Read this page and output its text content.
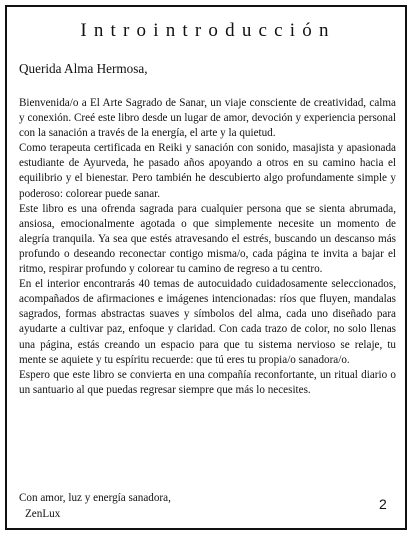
Introintroducción
Querida Alma Hermosa,

Bienvenida/o a El Arte Sagrado de Sanar, un viaje consciente de creatividad, calma y conexión. Creé este libro desde un lugar de amor, devoción y experiencia personal con la sanación a través de la energía, el arte y la quietud.

Como terapeuta certificada en Reiki y sanación con sonido, masajista y apasionada estudiante de Ayurveda, he pasado años apoyando a otros en su camino hacia el equilibrio y el bienestar. Pero también he descubierto algo profundamente simple y poderoso: colorear puede sanar.

Este libro es una ofrenda sagrada para cualquier persona que se sienta abrumada, ansiosa, emocionalmente agotada o que simplemente necesite un momento de alegría tranquila. Ya sea que estés atravesando el estrés, buscando un descanso más profundo o deseando reconectar contigo misma/o, cada página te invita a bajar el ritmo, respirar profundo y colorear tu camino de regreso a tu centro.

En el interior encontrarás 40 temas de autocuidado cuidadosamente seleccionados, acompañados de afirmaciones e imágenes intencionadas: ríos que fluyen, mandalas sagrados, formas abstractas suaves y símbolos del alma, cada uno diseñado para ayudarte a cultivar paz, enfoque y claridad. Con cada trazo de color, no solo llenas una página, estás creando un espacio para que tu sistema nervioso se relaje, tu mente se aquiete y tu espíritu recuerde: que tú eres tu propia/o sanadora/o.

Espero que este libro se convierta en una compañía reconfortante, un ritual diario o un santuario al que puedas regresar siempre que más lo necesites.

Con amor, luz y energía sanadora,
ZenLux
2
